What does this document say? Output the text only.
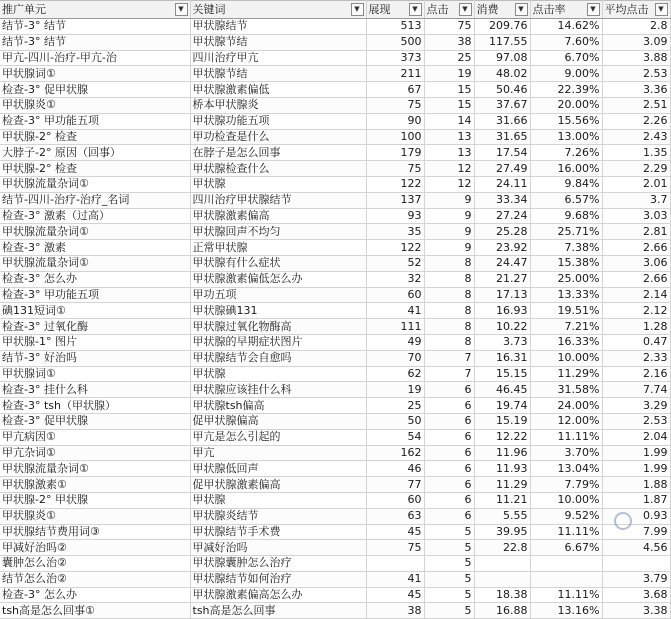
推广单元 ▼	关键词 ▼	展现 ▼	点击 ▼	消费 ▼	点击率 ▼	平均点击 ▼

结节-3° 结节	甲状腺结节	513	75	209.76	14.62%	2.8
结节-3° 结节	甲状腺节结	500	38	117.55	7.60%	3.09
甲亢-四川-治疗-甲亢-治	四川治疗甲亢	373	25	97.08	6.70%	3.88
甲状腺词①	甲状腺节结	211	19	48.02	9.00%	2.53
检查-3° 促甲状腺	甲状腺激素偏低	67	15	50.46	22.39%	3.36
甲状腺炎①	桥本甲状腺炎	75	15	37.67	20.00%	2.51
检查-3° 甲功能五项	甲状腺功能五项	90	14	31.66	15.56%	2.26
甲状腺-2° 检查	甲功检查是什么	100	13	31.65	13.00%	2.43
大脖子-2° 原因（回事）	在脖子是怎么回事	179	13	17.54	7.26%	1.35
甲状腺-2° 检查	甲状腺检查什么	75	12	27.49	16.00%	2.29
甲状腺流量杂词①	甲状腺	122	12	24.11	9.84%	2.01
结节-四川-治疗-治疗_名词	四川治疗甲状腺结节	137	9	33.34	6.57%	3.7
检查-3° 激素（过高）	甲状腺激素偏高	93	9	27.24	9.68%	3.03
甲状腺流量杂词①	甲状腺回声不均匀	35	9	25.28	25.71%	2.81
检查-3° 激素	正常甲状腺	122	9	23.92	7.38%	2.66
甲状腺流量杂词①	甲状腺有什么症状	52	8	24.47	15.38%	3.06
检查-3° 怎么办	甲状腺激素偏低怎么办	32	8	21.27	25.00%	2.66
检查-3° 甲功能五项	甲功五项	60	8	17.13	13.33%	2.14
碘131短词①	甲状腺碘131	41	8	16.93	19.51%	2.12
检查-3° 过氧化酶	甲状腺过氧化物酶高	111	8	10.22	7.21%	1.28
甲状腺-1° 图片	甲状腺的早期症状图片	49	8	3.73	16.33%	0.47
结节-3° 好治吗	甲状腺结节会自愈吗	70	7	16.31	10.00%	2.33
甲状腺词①	甲状腺	62	7	15.15	11.29%	2.16
检查-3° 挂什么科	甲状腺应该挂什么科	19	6	46.45	31.58%	7.74
检查-3° tsh（甲状腺）	甲状腺tsh偏高	25	6	19.74	24.00%	3.29
检查-3° 促甲状腺	促甲状腺偏高	50	6	15.19	12.00%	2.53
甲亢病因①	甲亢是怎么引起的	54	6	12.22	11.11%	2.04
甲亢杂词①	甲亢	162	6	11.96	3.70%	1.99
甲状腺流量杂词①	甲状腺低回声	46	6	11.93	13.04%	1.99
甲状腺激素①	促甲状腺激素偏高	77	6	11.29	7.79%	1.88
甲状腺-2° 甲状腺	甲状腺	60	6	11.21	10.00%	1.87
甲状腺炎①	甲状腺炎结节	63	6	5.55	9.52%	0.93
甲状腺结节费用词③	甲状腺结节手术费	45	5	39.95	11.11%	7.99
甲减好治吗②	甲减好治吗	75	5	22.8	6.67%	4.56
囊肿怎么治②	甲状腺囊肿怎么治疗		5			
结节怎么治②	甲状腺结节如何治疗	41	5			3.79
检查-3° 怎么办	甲状腺激素偏高怎么办	45	5	18.38	11.11%	3.68
tsh高是怎么回事①	tsh高是怎么回事	38	5	16.88	13.16%	3.38
